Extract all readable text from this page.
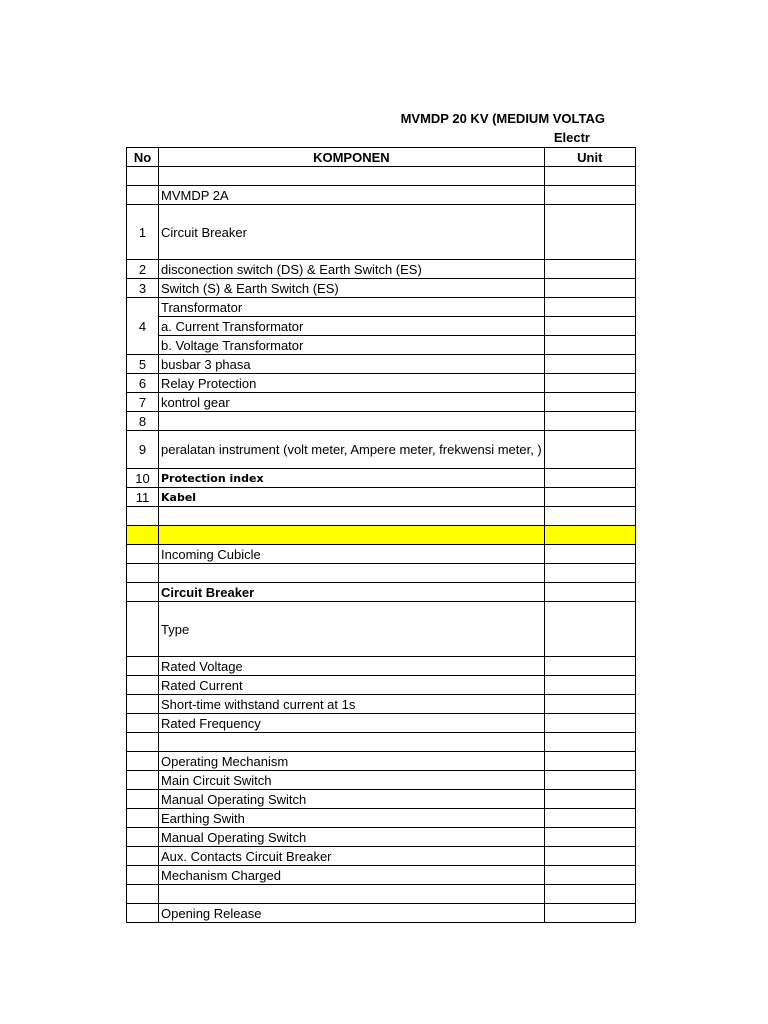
MVMDP 20 KV (MEDIUM VOLTAG
Electr
No	KOMPONEN	Unit

	MVMDP 2A	
1	Circuit Breaker	
2	disconection switch (DS) & Earth Switch (ES)	
3	Switch (S) & Earth Switch (ES)	
4	Transformator	
	a. Current Transformator	
	b. Voltage Transformator	
5	busbar 3 phasa	
6	Relay Protection	
7	kontrol gear	
8		
9	peralatan instrument (volt meter, Ampere meter, frekwensi meter, )	
10	Protection index	
11	Kabel	

	Incoming Cubicle	

	Circuit Breaker	
	Type	
	Rated Voltage	
	Rated Current	
	Short-time withstand current at 1s	
	Rated Frequency	

	Operating Mechanism	
	Main Circuit Switch	
	Manual Operating Switch	
	Earthing Swith	
	Manual Operating Switch	
	Aux. Contacts Circuit Breaker	
	Mechanism Charged	

	Opening Release	
